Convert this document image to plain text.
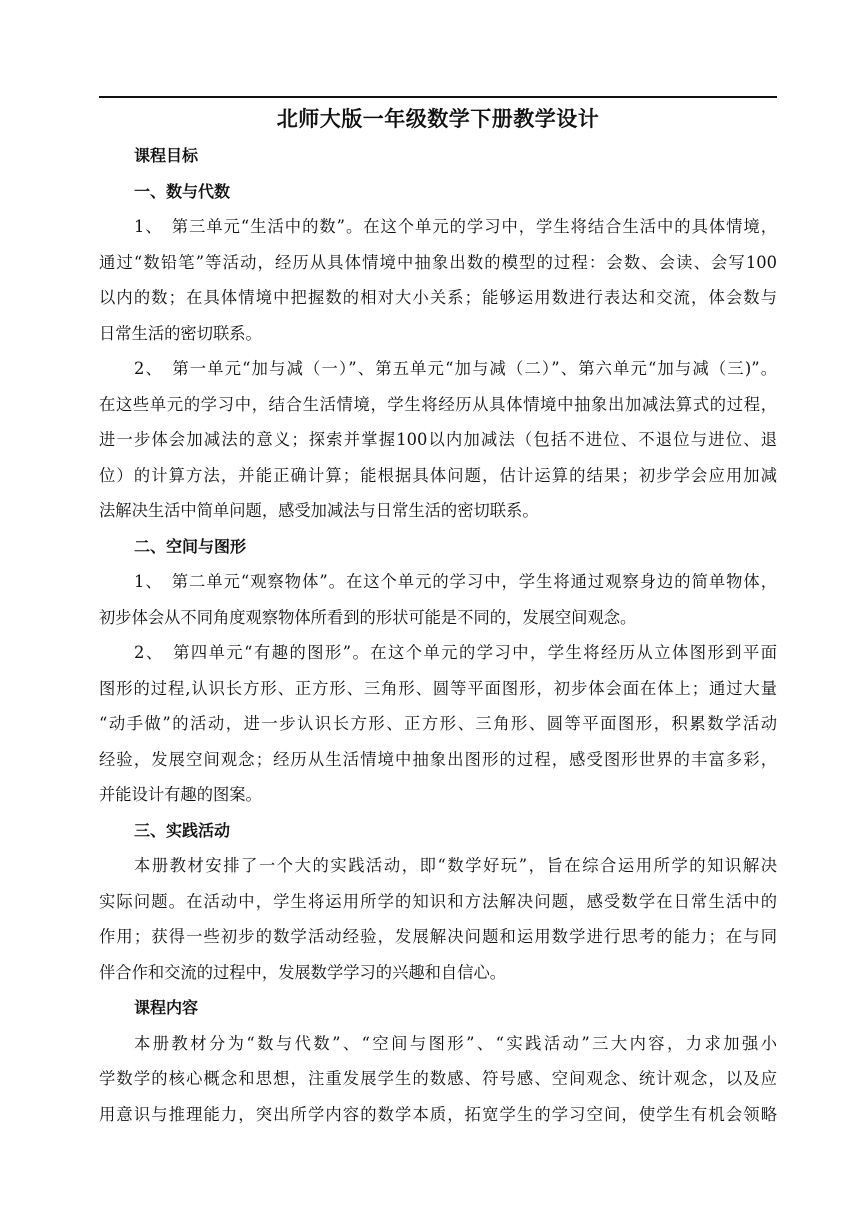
北师大版一年级数学下册教学设计
课程目标
一、数与代数
1、　第三单元“生活中的数”。在这个单元的学习中，学生将结合生活中的具体情境，
通过“数铅笔”等活动，经历从具体情境中抽象出数的模型的过程：会数、会读、会写100
以内的数；在具体情境中把握数的相对大小关系；能够运用数进行表达和交流，体会数与
日常生活的密切联系。
2、　第一单元“加与减（一）”、第五单元“加与减（二）”、第六单元“加与减（三)”。
在这些单元的学习中，结合生活情境，学生将经历从具体情境中抽象出加减法算式的过程，
进一步体会加减法的意义；探索并掌握100以内加减法（包括不进位、不退位与进位、退
位）的计算方法，并能正确计算；能根据具体问题，估计运算的结果；初步学会应用加减
法解决生活中简单问题，感受加减法与日常生活的密切联系。
二、空间与图形
1、　第二单元“观察物体”。在这个单元的学习中，学生将通过观察身边的简单物体，
初步体会从不同角度观察物体所看到的形状可能是不同的，发展空间观念。
2、　第四单元“有趣的图形”。在这个单元的学习中，学生将经历从立体图形到平面
图形的过程,认识长方形、正方形、三角形、圆等平面图形，初步体会面在体上；通过大量
“动手做”的活动，进一步认识长方形、正方形、三角形、圆等平面图形，积累数学活动
经验，发展空间观念；经历从生活情境中抽象出图形的过程，感受图形世界的丰富多彩，
并能设计有趣的图案。
三、实践活动
本册教材安排了一个大的实践活动，即“数学好玩”，旨在综合运用所学的知识解决
实际问题。在活动中，学生将运用所学的知识和方法解决问题，感受数学在日常生活中的
作用；获得一些初步的数学活动经验，发展解决问题和运用数学进行思考的能力；在与同
伴合作和交流的过程中，发展数学学习的兴趣和自信心。
课程内容
本册教材分为“数与代数”、“空间与图形”、“实践活动”三大内容，力求加强小
学数学的核心概念和思想，注重发展学生的数感、符号感、空间观念、统计观念，以及应
用意识与推理能力，突出所学内容的数学本质，拓宽学生的学习空间，使学生有机会领略
